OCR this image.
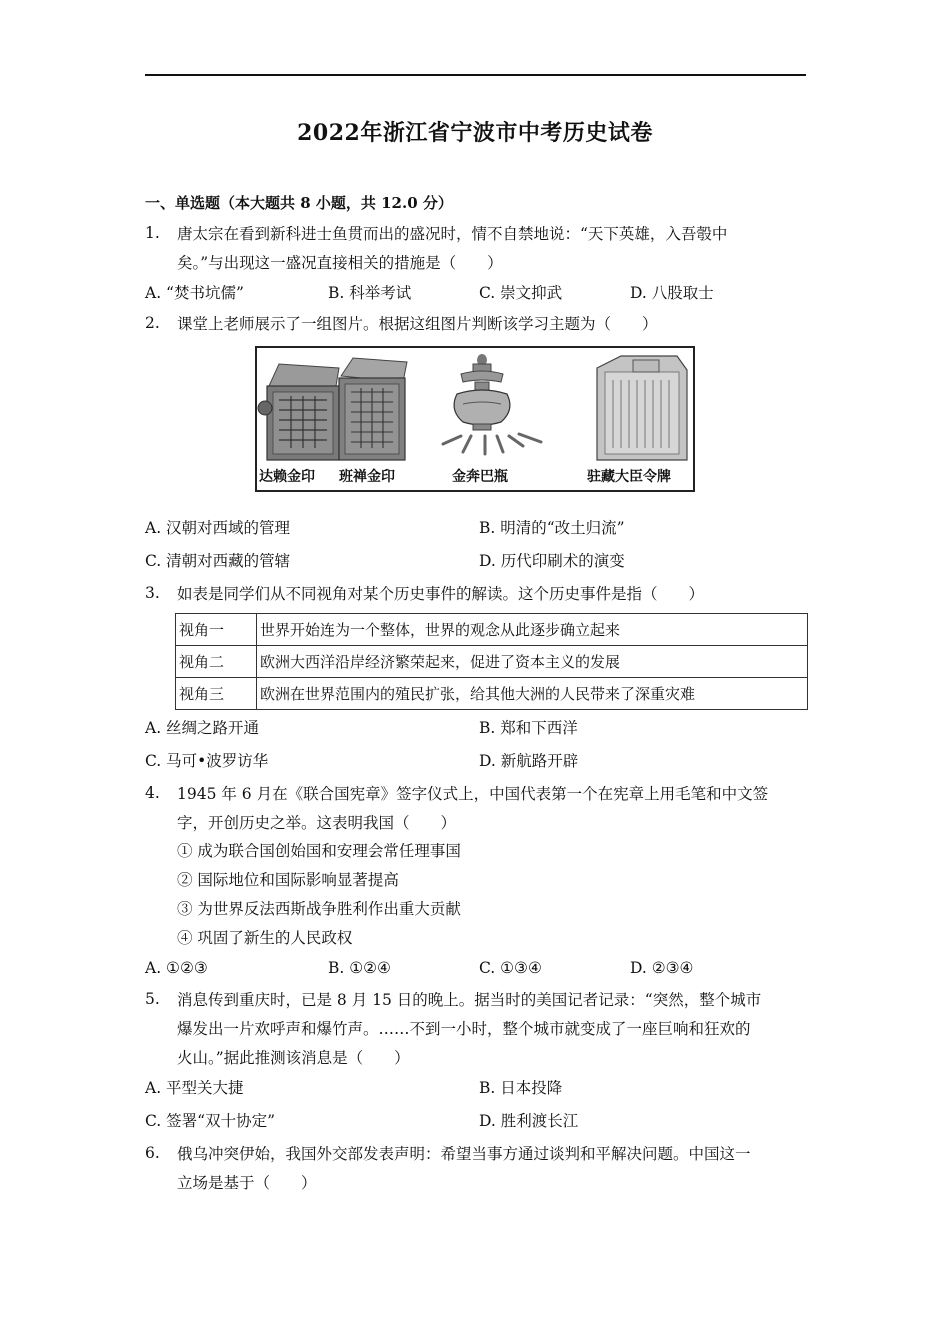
2022年浙江省宁波市中考历史试卷
一、单选题（本大题共 8 小题，共 12.0 分）
1. 唐太宗在看到新科进士鱼贯而出的盛况时，情不自禁地说：“天下英雄，入吾彀中
矣。”与出现这一盛况直接相关的措施是（　　）
A. “焚书坑儒”	B. 科举考试	C. 崇文抑武	D. 八股取士
2. 课堂上老师展示了一组图片。根据这组图片判断该学习主题为（　　）
达赖金印 班禅金印	金奔巴瓶	驻藏大臣令牌
A. 汉朝对西域的管理	B. 明清的“改土归流”
C. 清朝对西藏的管辖	D. 历代印刷术的演变
3. 如表是同学们从不同视角对某个历史事件的解读。这个历史事件是指（　　）
视角一	世界开始连为一个整体，世界的观念从此逐步确立起来
视角二	欧洲大西洋沿岸经济繁荣起来，促进了资本主义的发展
视角三	欧洲在世界范围内的殖民扩张，给其他大洲的人民带来了深重灾难
A. 丝绸之路开通	B. 郑和下西洋
C. 马可•波罗访华	D. 新航路开辟
4. 1945 年 6 月在《联合国宪章》签字仪式上，中国代表第一个在宪章上用毛笔和中文签
字，开创历史之举。这表明我国（　　）
① 成为联合国创始国和安理会常任理事国
② 国际地位和国际影响显著提高
③ 为世界反法西斯战争胜利作出重大贡献
④ 巩固了新生的人民政权
A. ①②③	B. ①②④	C. ①③④	D. ②③④
5. 消息传到重庆时，已是 8 月 15 日的晚上。据当时的美国记者记录：“突然，整个城市
爆发出一片欢呼声和爆竹声。……不到一小时，整个城市就变成了一座巨响和狂欢的
火山。”据此推测该消息是（　　）
A. 平型关大捷	B. 日本投降
C. 签署“双十协定”	D. 胜利渡长江
6. 俄乌冲突伊始，我国外交部发表声明：希望当事方通过谈判和平解决问题。中国这一
立场是基于（　　）
